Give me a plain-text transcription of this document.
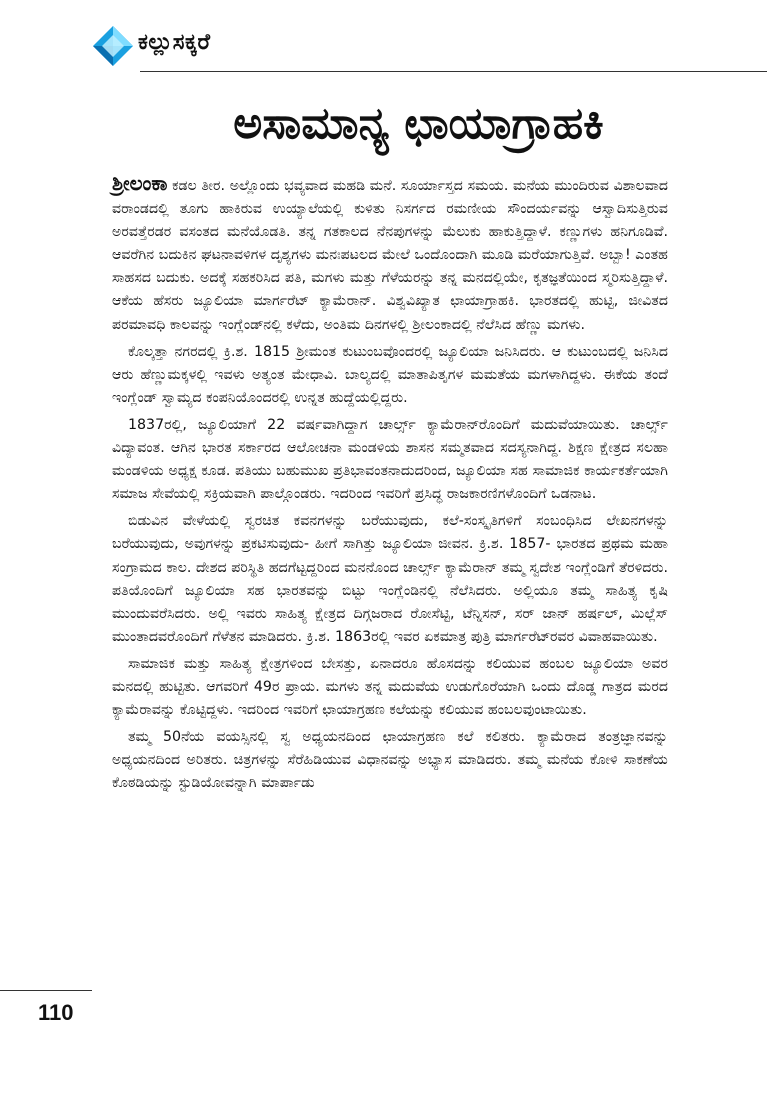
ಕಲ್ಲುಸಕ್ಕರೆ
ಅಸಾಮಾನ್ಯ ಛಾಯಾಗ್ರಾಹಕಿ

ಶ್ರೀಲಂಕಾ ಕಡಲ ತೀರ. ಅಲ್ಲೊಂದು ಭವ್ಯವಾದ ಮಹಡಿ ಮನೆ. ಸೂರ್ಯಾಸ್ತದ ಸಮಯ. ಮನೆಯ ಮುಂದಿರುವ ವಿಶಾಲವಾದ ವರಾಂಡದಲ್ಲಿ ತೂಗು ಹಾಕಿರುವ ಉಯ್ಯಾಲೆಯಲ್ಲಿ ಕುಳಿತು ನಿಸರ್ಗದ ರಮಣೀಯ ಸೌಂದರ್ಯವನ್ನು ಆಸ್ವಾದಿಸುತ್ತಿರುವ ಅರವತ್ತೆರಡರ ವಸಂತದ ಮನೆಯೊಡತಿ. ತನ್ನ ಗತಕಾಲದ ನೆನಪುಗಳನ್ನು ಮೆಲುಕು ಹಾಕುತ್ತಿದ್ದಾಳೆ. ಕಣ್ಣುಗಳು ಹನಿಗೂಡಿವೆ. ಆವರೆಗಿನ ಬದುಕಿನ ಘಟನಾವಳಿಗಳ ದೃಶ್ಯಗಳು ಮನಃಪಟಲದ ಮೇಲೆ ಒಂದೊಂದಾಗಿ ಮೂಡಿ ಮರೆಯಾಗುತ್ತಿವೆ. ಅಬ್ಬಾ! ಎಂತಹ ಸಾಹಸದ ಬದುಕು. ಅದಕ್ಕೆ ಸಹಕರಿಸಿದ ಪತಿ, ಮಗಳು ಮತ್ತು ಗೆಳೆಯರನ್ನು ತನ್ನ ಮನದಲ್ಲಿಯೇ, ಕೃತಜ್ಞತೆಯಿಂದ ಸ್ಮರಿಸುತ್ತಿದ್ದಾಳೆ. ಆಕೆಯ ಹೆಸರು ಜ್ಯೂಲಿಯಾ ಮಾರ್ಗರೆಟ್ ಕ್ಯಾಮೆರಾನ್. ವಿಶ್ವವಿಖ್ಯಾತ ಛಾಯಾಗ್ರಾಹಕಿ. ಭಾರತದಲ್ಲಿ ಹುಟ್ಟಿ, ಜೀವಿತದ ಪರಮಾವಧಿ ಕಾಲವನ್ನು ಇಂಗ್ಲೆಂಡ್‍ನಲ್ಲಿ ಕಳೆದು, ಅಂತಿಮ ದಿನಗಳಲ್ಲಿ ಶ್ರೀಲಂಕಾದಲ್ಲಿ ನೆಲೆಸಿದ ಹೆಣ್ಣು ಮಗಳು.

ಕೊಲ್ಕತ್ತಾ ನಗರದಲ್ಲಿ ಕ್ರಿ.ಶ. 1815 ಶ್ರೀಮಂತ ಕುಟುಂಬವೊಂದರಲ್ಲಿ ಜ್ಯೂಲಿಯಾ ಜನಿಸಿದರು. ಆ ಕುಟುಂಬದಲ್ಲಿ ಜನಿಸಿದ ಆರು ಹೆಣ್ಣುಮಕ್ಕಳಲ್ಲಿ ಇವಳು ಅತ್ಯಂತ ಮೇಧಾವಿ. ಬಾಲ್ಯದಲ್ಲಿ ಮಾತಾಪಿತೃಗಳ ಮಮತೆಯ ಮಗಳಾಗಿದ್ದಳು. ಈಕೆಯ ತಂದೆ ಇಂಗ್ಲೆಂಡ್ ಸ್ವಾಮ್ಯದ ಕಂಪನಿಯೊಂದರಲ್ಲಿ ಉನ್ನತ ಹುದ್ದೆಯಲ್ಲಿದ್ದರು.

1837ರಲ್ಲಿ, ಜ್ಯೂಲಿಯಾಗೆ 22 ವರ್ಷವಾಗಿದ್ದಾಗ ಚಾರ್ಲ್ಸ್ ಕ್ಯಾಮೆರಾನ್‍ರೊಂದಿಗೆ ಮದುವೆಯಾಯಿತು. ಚಾರ್ಲ್ಸ್ ವಿದ್ಯಾವಂತ. ಆಗಿನ ಭಾರತ ಸರ್ಕಾರದ ಆಲೋಚನಾ ಮಂಡಳಿಯ ಶಾಸನ ಸಮ್ಮತವಾದ ಸದಸ್ಯನಾಗಿದ್ದ. ಶಿಕ್ಷಣ ಕ್ಷೇತ್ರದ ಸಲಹಾ ಮಂಡಳಿಯ ಅಧ್ಯಕ್ಷ ಕೂಡ. ಪತಿಯು ಬಹುಮುಖ ಪ್ರತಿಭಾವಂತನಾದುದರಿಂದ, ಜ್ಯೂಲಿಯಾ ಸಹ ಸಾಮಾಜಿಕ ಕಾರ್ಯಕರ್ತೆಯಾಗಿ ಸಮಾಜ ಸೇವೆಯಲ್ಲಿ ಸಕ್ರಿಯವಾಗಿ ಪಾಲ್ಗೊಂಡರು. ಇದರಿಂದ ಇವರಿಗೆ ಪ್ರಸಿದ್ಧ ರಾಜಕಾರಣಿಗಳೊಂದಿಗೆ ಒಡನಾಟ.

ಬಿಡುವಿನ ವೇಳೆಯಲ್ಲಿ ಸ್ವರಚಿತ ಕವನಗಳನ್ನು ಬರೆಯುವುದು, ಕಲೆ-ಸಂಸ್ಕೃತಿಗಳಿಗೆ ಸಂಬಂಧಿಸಿದ ಲೇಖನಗಳನ್ನು ಬರೆಯುವುದು, ಅವುಗಳನ್ನು ಪ್ರಕಟಿಸುವುದು- ಹೀಗೆ ಸಾಗಿತ್ತು ಜ್ಯೂಲಿಯಾ ಜೀವನ. ಕ್ರಿ.ಶ. 1857- ಭಾರತದ ಪ್ರಥಮ ಮಹಾ ಸಂಗ್ರಾಮದ ಕಾಲ. ದೇಶದ ಪರಿಸ್ಥಿತಿ ಹದಗೆಟ್ಟದ್ದರಿಂದ ಮನನೊಂದ ಚಾರ್ಲ್ಸ್ ಕ್ಯಾಮೆರಾನ್ ತಮ್ಮ ಸ್ವದೇಶ ಇಂಗ್ಲೆಂಡಿಗೆ ತೆರಳಿದರು. ಪತಿಯೊಂದಿಗೆ ಜ್ಯೂಲಿಯಾ ಸಹ ಭಾರತವನ್ನು ಬಿಟ್ಟು ಇಂಗ್ಲೆಂಡಿನಲ್ಲಿ ನೆಲೆಸಿದರು. ಅಲ್ಲಿಯೂ ತಮ್ಮ ಸಾಹಿತ್ಯ ಕೃಷಿ ಮುಂದುವರೆಸಿದರು. ಅಲ್ಲಿ ಇವರು ಸಾಹಿತ್ಯ ಕ್ಷೇತ್ರದ ದಿಗ್ಗಜರಾದ ರೋಸೆಟ್ಟಿ, ಟೆನ್ನಿಸನ್, ಸರ್ ಜಾನ್ ಹರ್ಷಲ್, ಮಿಲ್ಲೆಸ್ ಮುಂತಾದವರೊಂದಿಗೆ ಗೆಳೆತನ ಮಾಡಿದರು. ಕ್ರಿ.ಶ. 1863ರಲ್ಲಿ ಇವರ ಏಕಮಾತ್ರ ಪುತ್ರಿ ಮಾರ್ಗರೆಟ್‍ರವರ ವಿವಾಹವಾಯಿತು.

ಸಾಮಾಜಿಕ ಮತ್ತು ಸಾಹಿತ್ಯ ಕ್ಷೇತ್ರಗಳಿಂದ ಬೇಸತ್ತು, ಏನಾದರೂ ಹೊಸದನ್ನು ಕಲಿಯುವ ಹಂಬಲ ಜ್ಯೂಲಿಯಾ ಅವರ ಮನದಲ್ಲಿ ಹುಟ್ಟಿತು. ಆಗವರಿಗೆ 49ರ ಪ್ರಾಯ. ಮಗಳು ತನ್ನ ಮದುವೆಯ ಉಡುಗೊರೆಯಾಗಿ ಒಂದು ದೊಡ್ಡ ಗಾತ್ರದ ಮರದ ಕ್ಯಾಮೆರಾವನ್ನು ಕೊಟ್ಟಿದ್ದಳು. ಇದರಿಂದ ಇವರಿಗೆ ಛಾಯಾಗ್ರಹಣ ಕಲೆಯನ್ನು ಕಲಿಯುವ ಹಂಬಲವುಂಟಾಯಿತು.

ತಮ್ಮ 50ನೆಯ ವಯಸ್ಸಿನಲ್ಲಿ ಸ್ವ ಅಧ್ಯಯನದಿಂದ ಛಾಯಾಗ್ರಹಣ ಕಲೆ ಕಲಿತರು. ಕ್ಯಾಮೆರಾದ ತಂತ್ರಜ್ಞಾನವನ್ನು ಅಧ್ಯಯನದಿಂದ ಅರಿತರು. ಚಿತ್ರಗಳನ್ನು ಸೆರೆಹಿಡಿಯುವ ವಿಧಾನವನ್ನು ಅಭ್ಯಾಸ ಮಾಡಿದರು. ತಮ್ಮ ಮನೆಯ ಕೋಳಿ ಸಾಕಣೆಯ ಕೊಠಡಿಯನ್ನು ಸ್ಟುಡಿಯೋವನ್ನಾಗಿ ಮಾರ್ಪಾಡು

110
